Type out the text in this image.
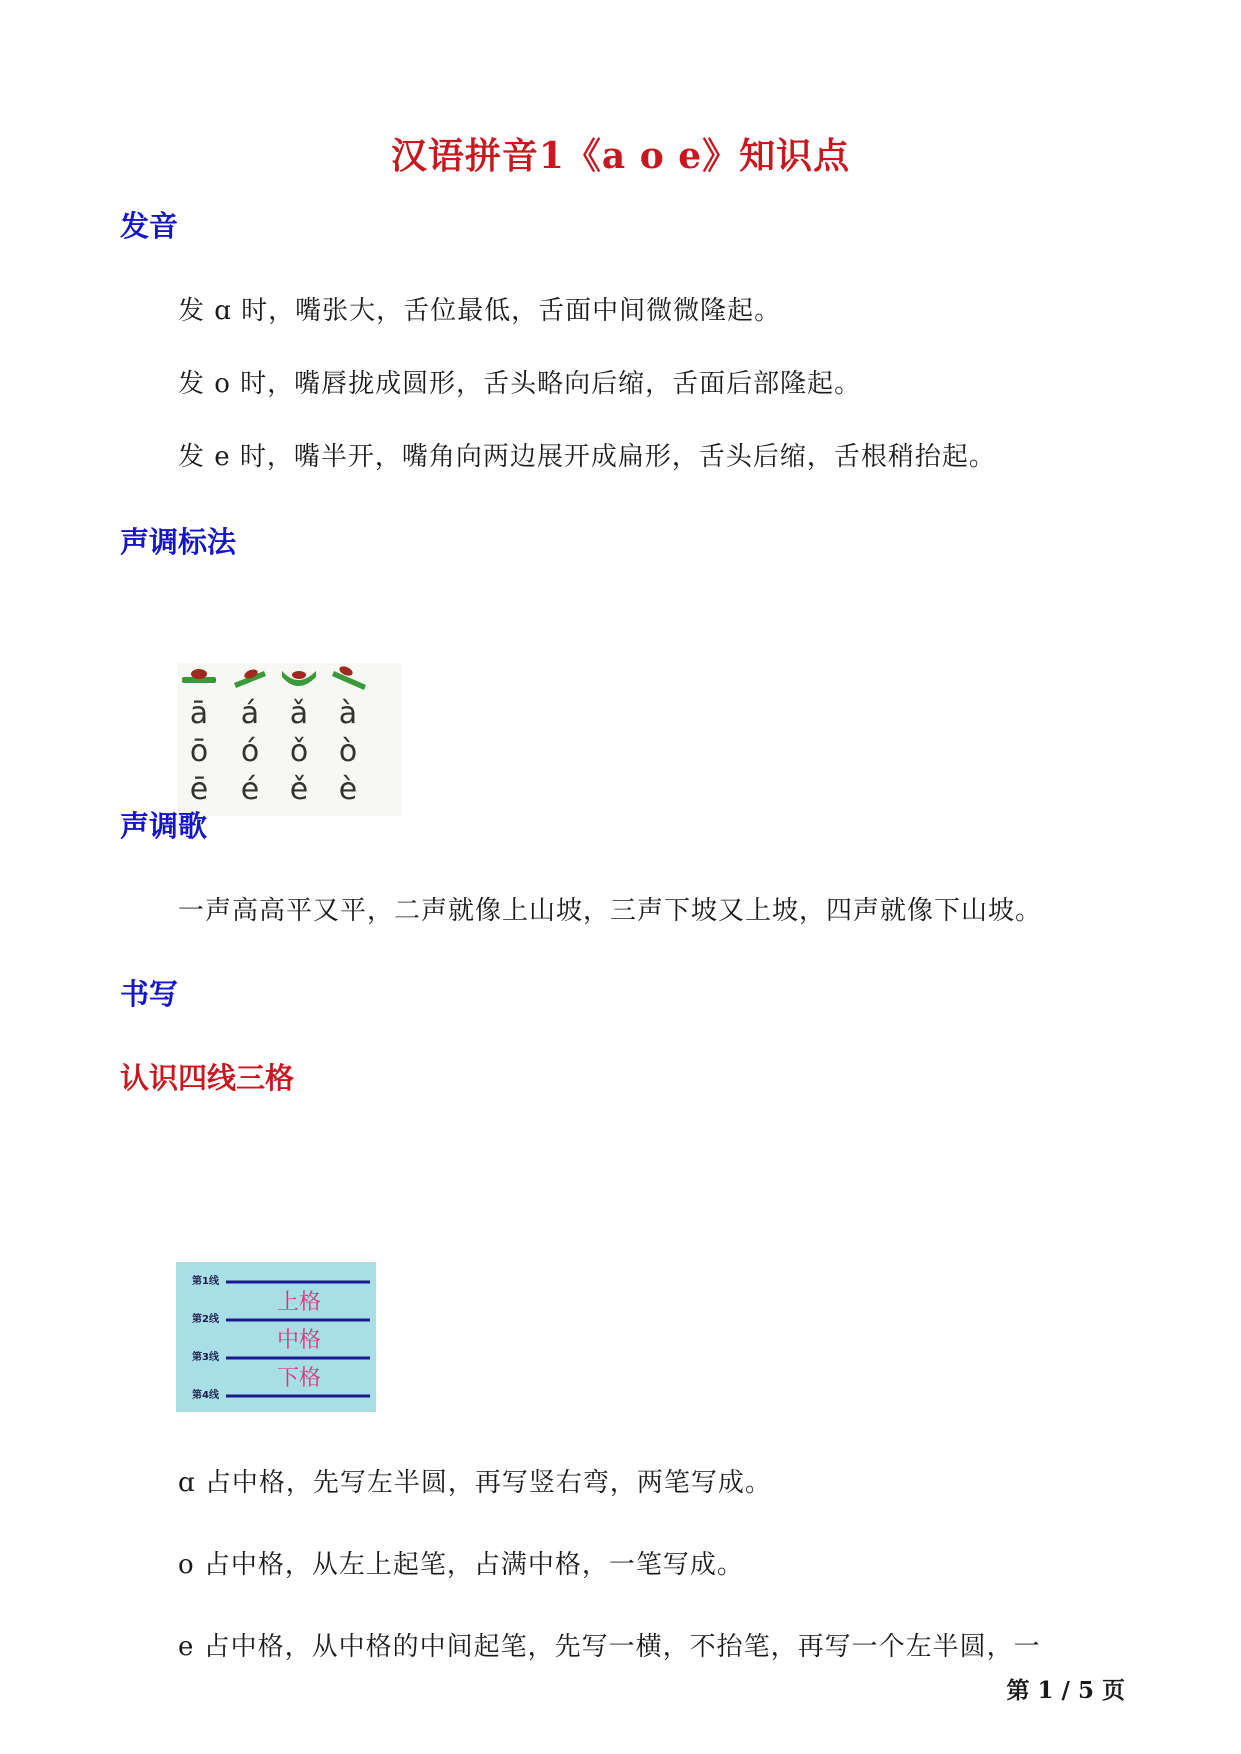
汉语拼音1《a o e》知识点
发音
发 ɑ 时，嘴张大，舌位最低，舌面中间微微隆起。
发 o 时，嘴唇拢成圆形，舌头略向后缩，舌面后部隆起。
发 e 时，嘴半开，嘴角向两边展开成扁形，舌头后缩，舌根稍抬起。
声调标法
ā á ǎ à
ō ó ǒ ò
ē é ě è
声调歌
一声高高平又平，二声就像上山坡，三声下坡又上坡，四声就像下山坡。
书写
认识四线三格
第1线
第2线
第3线
第4线
上格
中格
下格
ɑ 占中格，先写左半圆，再写竖右弯，两笔写成。
o 占中格，从左上起笔，占满中格，一笔写成。
e 占中格，从中格的中间起笔，先写一横，不抬笔，再写一个左半圆，一
第 1 / 5 页
